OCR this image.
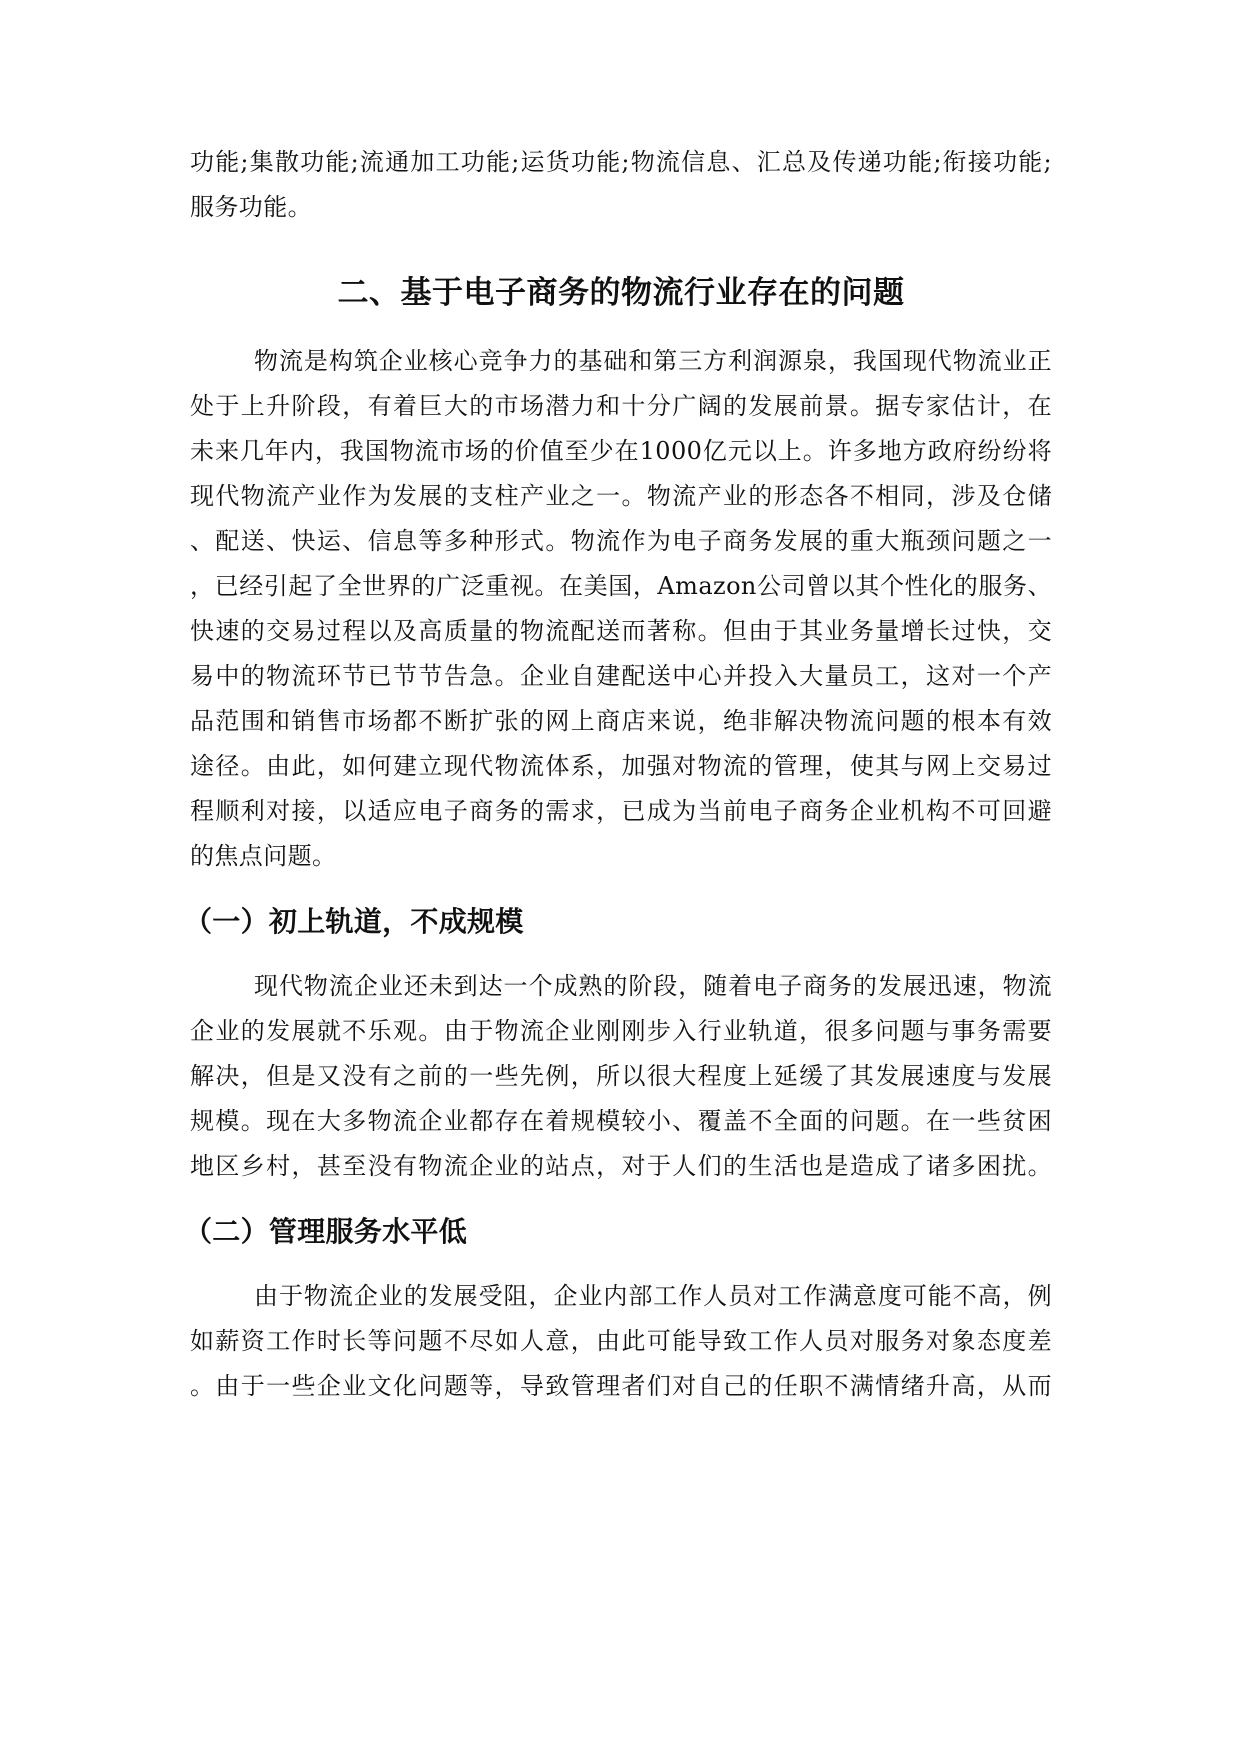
功能;集散功能;流通加工功能;运货功能;物流信息、汇总及传递功能;衔接功能;
服务功能。
二、基于电子商务的物流行业存在的问题
物流是构筑企业核心竞争力的基础和第三方利润源泉，我国现代物流业正
处于上升阶段，有着巨大的市场潜力和十分广阔的发展前景。据专家估计，在
未来几年内，我国物流市场的价值至少在1000亿元以上。许多地方政府纷纷将
现代物流产业作为发展的支柱产业之一。物流产业的形态各不相同，涉及仓储
、配送、快运、信息等多种形式。物流作为电子商务发展的重大瓶颈问题之一
，已经引起了全世界的广泛重视。在美国，Amazon公司曾以其个性化的服务、
快速的交易过程以及高质量的物流配送而著称。但由于其业务量增长过快，交
易中的物流环节已节节告急。企业自建配送中心并投入大量员工，这对一个产
品范围和销售市场都不断扩张的网上商店来说，绝非解决物流问题的根本有效
途径。由此，如何建立现代物流体系，加强对物流的管理，使其与网上交易过
程顺利对接，以适应电子商务的需求，已成为当前电子商务企业机构不可回避
的焦点问题。
（一）初上轨道，不成规模
现代物流企业还未到达一个成熟的阶段，随着电子商务的发展迅速，物流
企业的发展就不乐观。由于物流企业刚刚步入行业轨道，很多问题与事务需要
解决，但是又没有之前的一些先例，所以很大程度上延缓了其发展速度与发展
规模。现在大多物流企业都存在着规模较小、覆盖不全面的问题。在一些贫困
地区乡村，甚至没有物流企业的站点，对于人们的生活也是造成了诸多困扰。
（二）管理服务水平低
由于物流企业的发展受阻，企业内部工作人员对工作满意度可能不高，例
如薪资工作时长等问题不尽如人意，由此可能导致工作人员对服务对象态度差
。由于一些企业文化问题等，导致管理者们对自己的任职不满情绪升高，从而
